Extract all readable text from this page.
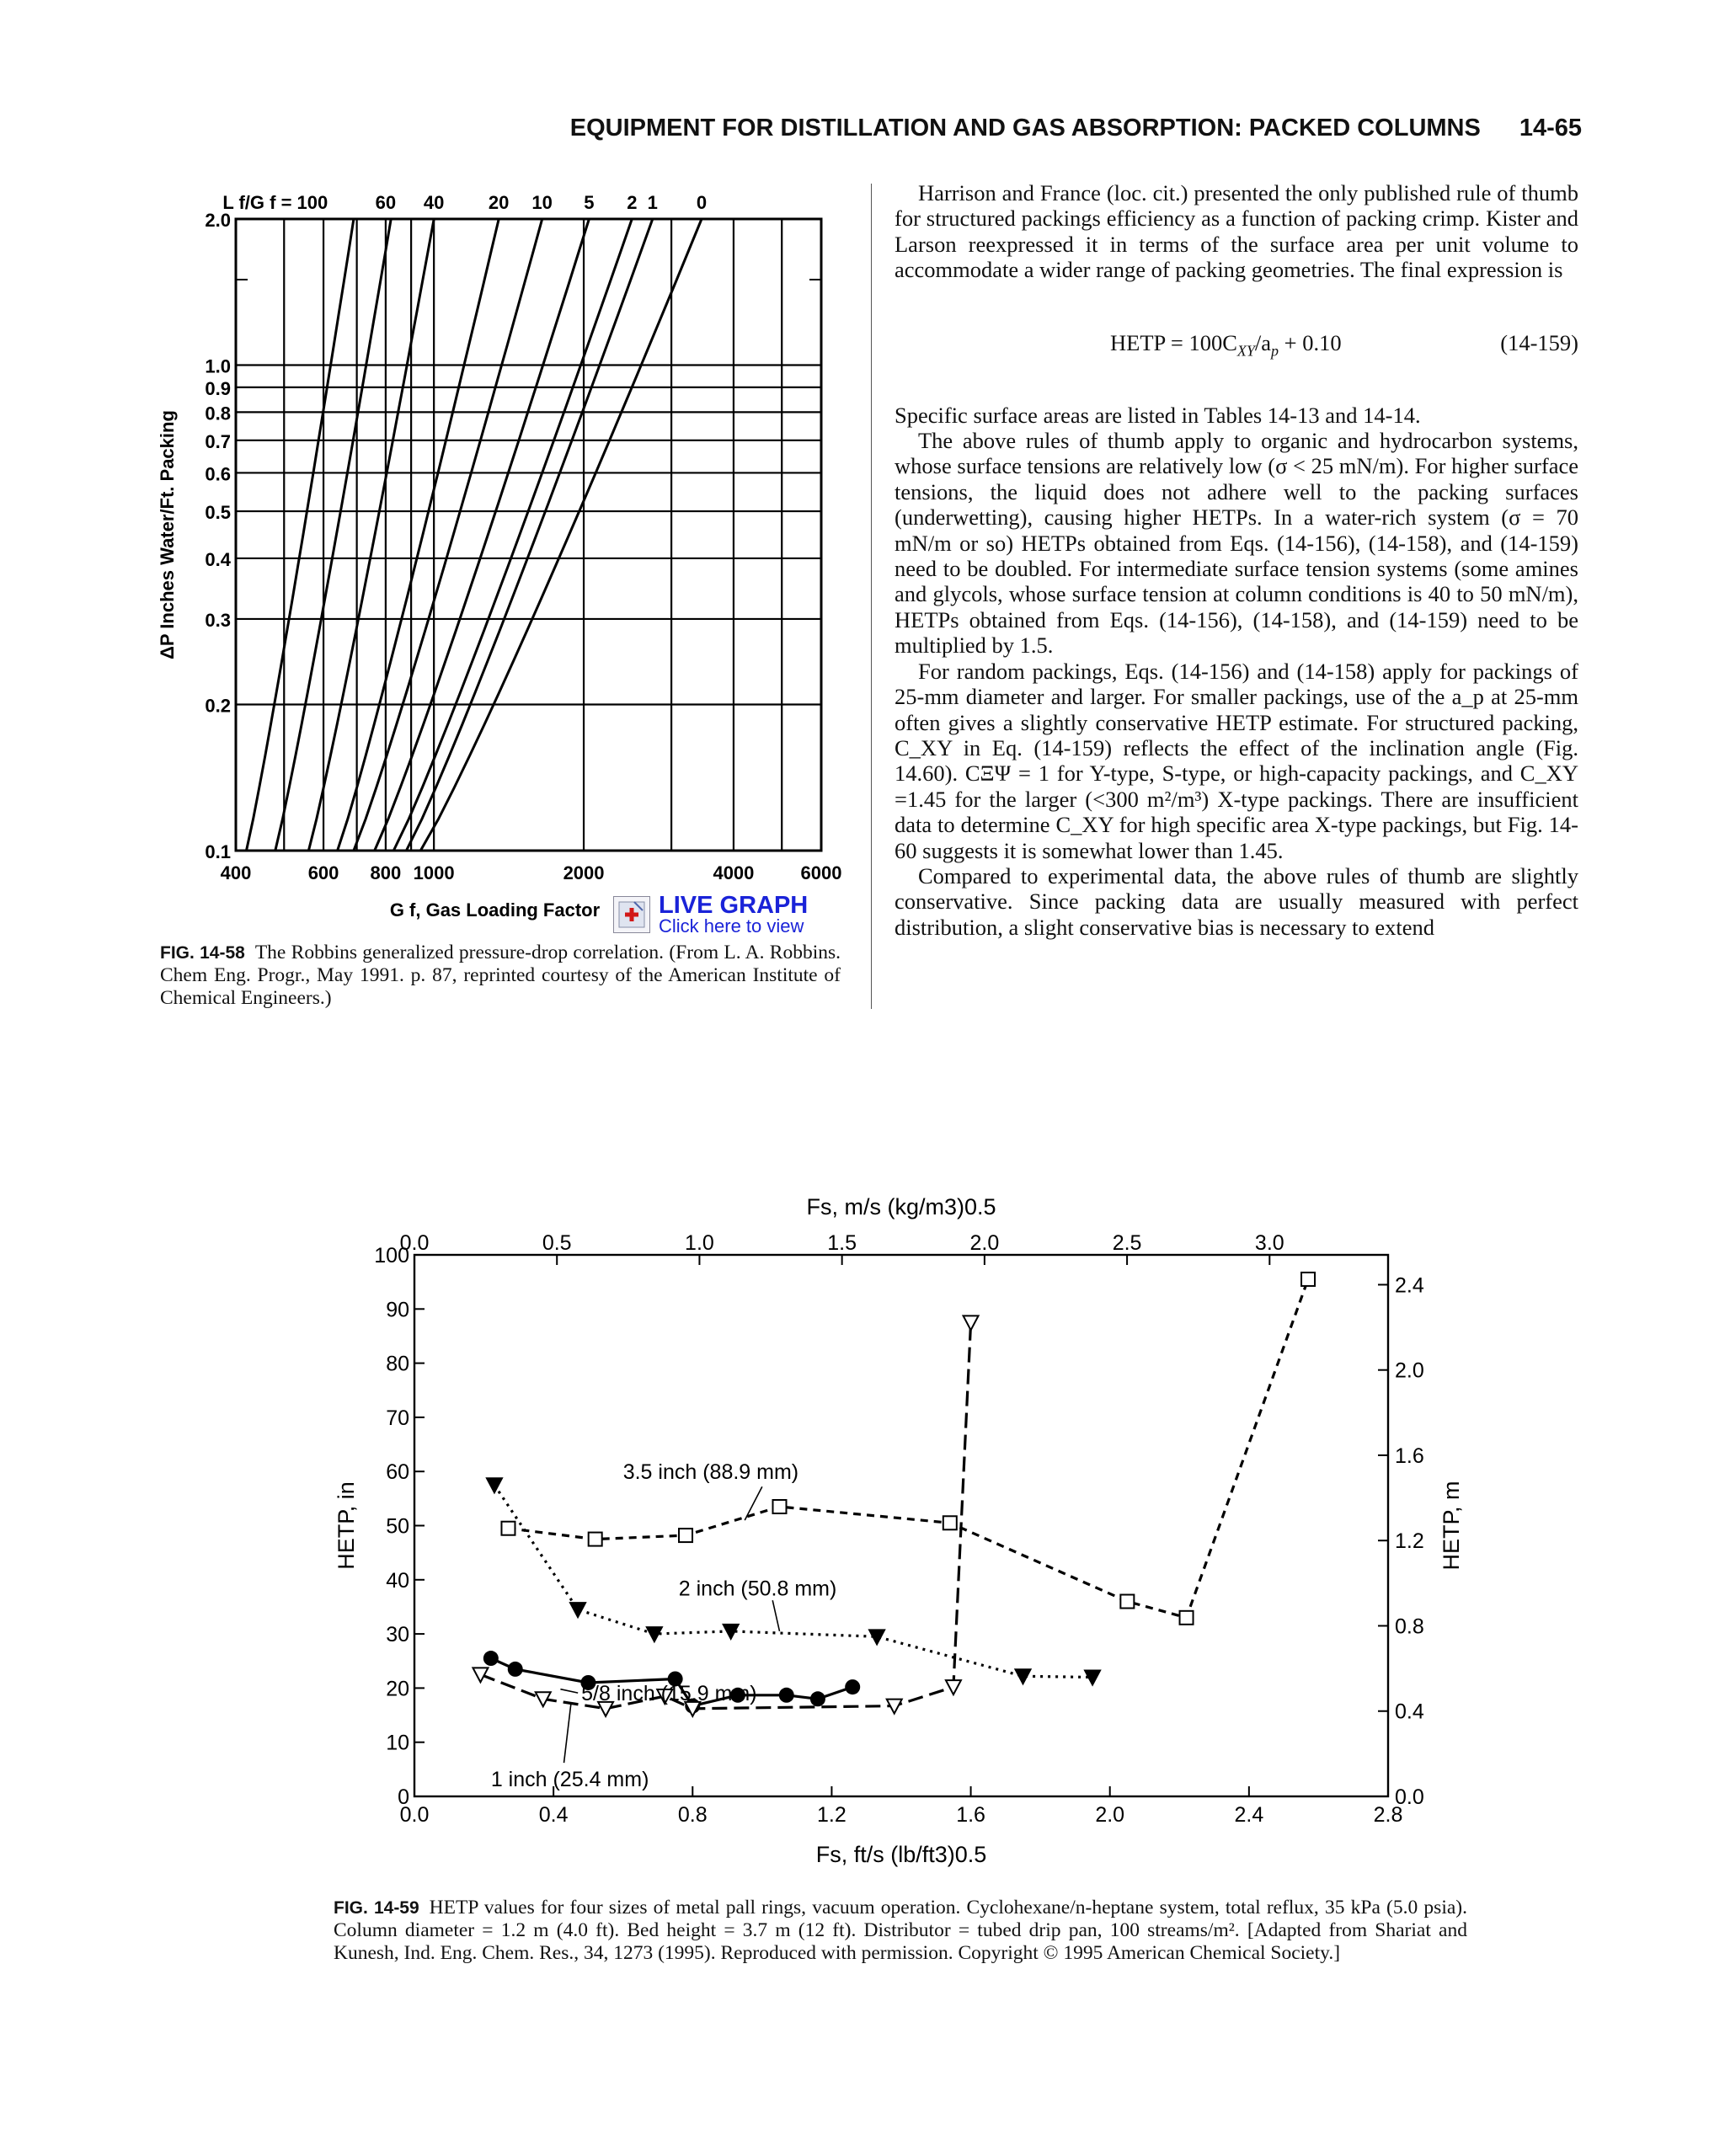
EQUIPMENT FOR DISTILLATION AND GAS ABSORPTION: PACKED COLUMNS 14-65
2.0
1.0
0.9
0.8
0.7
0.6
0.5
0.4
0.3
0.2
0.1
400	600 800 1000	2000	4000	6000
L f/G f = 100	60 40 20 10 5 2 1 0
ΔP Inches Water/Ft. Packing
G f, Gas Loading Factor LIVE GRAPH
Click here to view
FIG. 14-58 The Robbins generalized pressure-drop correlation. (From L. A. Robbins. Chem Eng. Progr., May 1991. p. 87, reprinted courtesy of the American Institute of Chemical Engineers.)

Harrison and France (loc. cit.) presented the only published rule of thumb for structured packings efficiency as a function of packing crimp. Kister and Larson reexpressed it in terms of the surface area per unit volume to accommodate a wider range of packing geometries. The final expression is

HETP = $100C_{XY}/a_p + 0.10$	(14-159)

Specific surface areas are listed in Tables 14-13 and 14-14.

The above rules of thumb apply to organic and hydrocarbon systems, whose surface tensions are relatively low (σ < 25 mN/m). For higher surface tensions, the liquid does not adhere well to the packing surfaces (underwetting), causing higher HETPs. In a water-rich system (σ = 70 mN/m or so) HETPs obtained from Eqs. (14-156), (14-158), and (14-159) need to be doubled. For intermediate surface tension systems (some amines and glycols, whose surface tension at column conditions is 40 to 50 mN/m), HETPs obtained from Eqs. (14-156), (14-158), and (14-159) need to be multiplied by 1.5.

For random packings, Eqs. (14-156) and (14-158) apply for packings of 25-mm diameter and larger. For smaller packings, use of the a_p at 25-mm often gives a slightly conservative HETP estimate. For structured packing, C_XY in Eq. (14-159) reflects the effect of the inclination angle (Fig. 14.60). CΞΨ = 1 for Y-type, S-type, or high-capacity packings, and C_XY =1.45 for the larger (<300 m²/m³) X-type packings. There are insufficient data to determine C_XY for high specific area X-type packings, but Fig. 14-60 suggests it is somewhat lower than 1.45.

Compared to experimental data, the above rules of thumb are slightly conservative. Since packing data are usually measured with perfect distribution, a slight conservative bias is necessary to extend

0.0	0.4	0.8	1.2	1.6	2.0	2.4	2.8
0.0	0.5	1.0	1.5	2.0	2.5	3.0
0
10
20
30
40
50
60
70
80
90
100
0.0
0.4
0.8
1.2
1.6
2.0
2.4
Fs, m/s (kg/m3)0.5
Fs, ft/s (lb/ft3)0.5
HETP, in	HETP, m
5/8 inch (15.9 mm)
1 inch (25.4 mm)
2 inch (50.8 mm)
3.5 inch (88.9 mm)
FIG. 14-59 HETP values for four sizes of metal pall rings, vacuum operation. Cyclohexane/n-heptane system, total reflux, 35 kPa (5.0 psia). Column diameter = 1.2 m (4.0 ft). Bed height = 3.7 m (12 ft). Distributor = tubed drip pan, 100 streams/m². [Adapted from Shariat and Kunesh, Ind. Eng. Chem. Res., 34, 1273 (1995). Reproduced with permission. Copyright © 1995 American Chemical Society.]
